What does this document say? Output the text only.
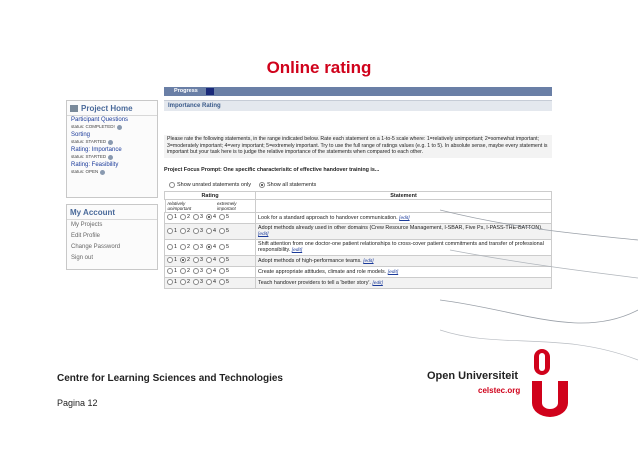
Online rating
Progress
Project Home
Participant Questions
status: COMPLETED!
Sorting
status: STARTED
Rating: Importance
status: STARTED
Rating: Feasibility
status: OPEN
My Account
My Projects
Edit Profile
Change Password
Sign out
Importance Rating
Please rate the following statements, in the range indicated below. Rate each statement on a 1-to-5 scale where: 1=relatively unimportant; 2=somewhat important; 3=moderately important; 4=very important; 5=extremely important. Try to use the full range of ratings values (e.g. 1 to 5). In absolute sense, maybe every statement is important but your task here is to judge the relative importance of the statements when compared to each other.
Project Focus Prompt: One specific characterisitc of effective handover training is...
Show unrated statements only	Show all statements
Rating	Statement

relatively unimportant
extremely important

1 2 3 4 5	Look for a standard approach to handover communication. [edit]

1 2 3 4 5	Adopt methods already used in other domains (Crew Resource Management, I-SBAR, Five Ps, I-PASS-THE-BATTON). [edit]

1 2 3 4 5	Shift attention from one doctor-one patient relationships to cross-cover patient commitments and transfer of professional responsibility. [edit]

1 2 3 4 5	Adopt methods of high-performance teams. [edit]

1 2 3 4 5	Create appropriate attitudes, climate and role models. [edit]

1 2 3 4 5	Teach handover providers to tell a 'better story'. [edit]
Centre for Learning Sciences and Technologies
Pagina 12
Open Universiteit
celstec.org
